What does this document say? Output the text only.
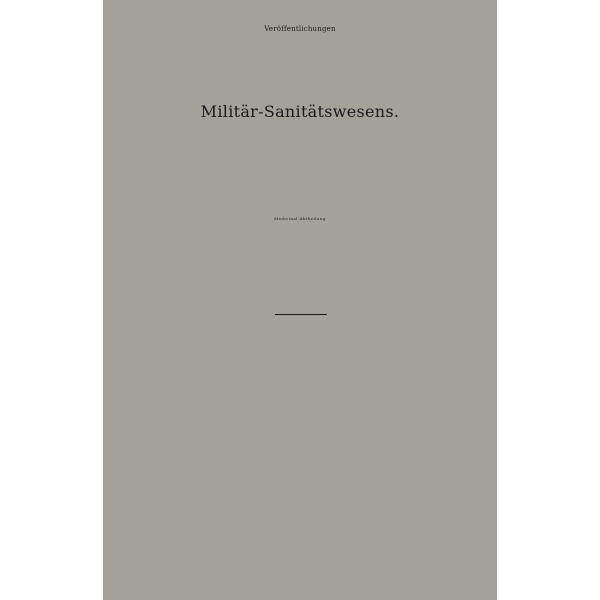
Veröffentlichungen
Militär-Sanitätswesens.
Medicinal-Abtheilung
